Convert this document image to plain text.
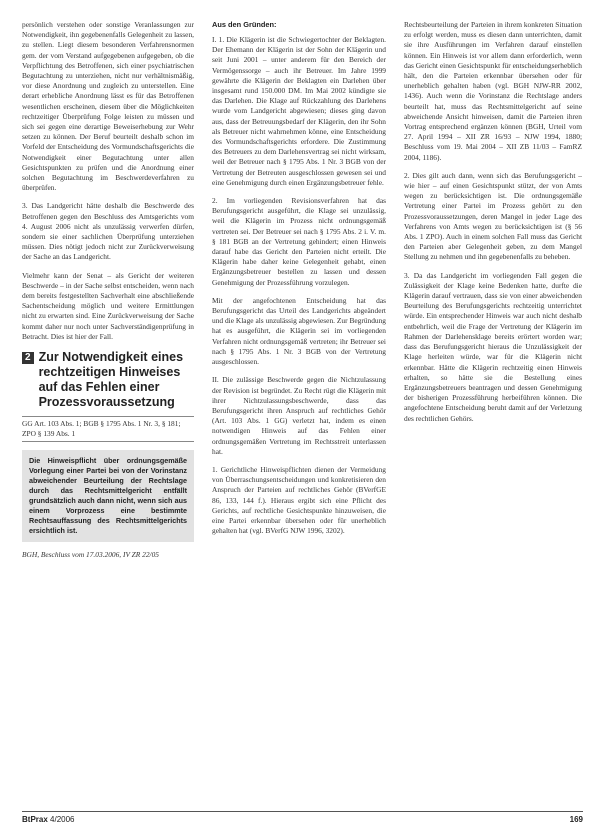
persönlich verstehen oder sonstige Veranlassungen zur Notwendigkeit, ihn gegebenenfalls Gelegenheit zu lassen, zu stellen. Liegt diesem besonderen Verfahrensnormen gem. der vom Verstand aufgegebenen aufgegeben, ob die Verpflichtung des Betroffenen, sich einer psychiatrischen Begutachtung zu unterziehen, nicht nur verhältnismäßig, vor diese Anordnung und zugleich zu unterstellen. Eine derart erhebliche Anordnung lässt es für das Betroffenen wesentlichen erscheinen, diesem über die Möglichkeiten rechtzeitiger Überprüfung Folge leisten zu müssen und sich sei gegen eine derartige Beweiserhebung zur Wehr setzen zu können. Der Beruf beurteilt deshalb schon im Vorfeld der Entscheidung des Vormundschaftsgerichts die Notwendigkeit einer Begutachtung unter allen Gesichtspunkten zu prüfen und die Anordnung einer solchen Begutachtung im Beschwerdeverfahren zu überprüfen.

3. Das Landgericht hätte deshalb die Beschwerde des Betroffenen gegen den Beschluss des Amtsgerichts vom 4. August 2006 nicht als unzulässig verwerfen dürfen, sondern sie einer sachlichen Überprüfung unterziehen müssen. Dies nötigt jedoch nicht zur Zurückverweisung der Sache an das Landgericht.

Vielmehr kann der Senat – als Gericht der weiteren Beschwerde – in der Sache selbst entscheiden, wenn nach dem bereits festgestellten Sachverhalt eine abschließende Sachentscheidung möglich und weitere Ermittlungen nicht zu erwarten sind. Eine Zurückverweisung der Sache kommt daher nur noch unter Sachverständigenprüfung in Betracht. Dies ist hier der Fall.

2 Zur Notwendigkeit eines rechtzeitigen Hinweises auf das Fehlen einer Prozessvoraussetzung
GG Art. 103 Abs. 1; BGB § 1795 Abs. 1 Nr. 3, § 181; ZPO § 139 Abs. 1
Die Hinweispflicht über ordnungsgemäße Vorlegung einer Partei bei von der Vorinstanz abweichender Beurteilung der Rechtslage durch das Rechtsmittelgericht entfällt grundsätzlich auch dann nicht, wenn sich aus einem Vorprozess eine bestimmte Rechtsauffassung des Rechtsmittelgerichts ersichtlich ist.

BGH, Beschluss vom 17.03.2006, IV ZR 22/05

Aus den Gründen:

I. 1. Die Klägerin ist die Schwiegertochter der Beklagten. Der Ehemann der Klägerin ist der Sohn der Klägerin und seit Juni 2001 – unter anderem für den Bereich der Vermögenssorge – auch ihr Betreuer. Im Jahre 1999 gewährte die Klägerin der Beklagten ein Darlehen über insgesamt rund 150.000 DM. Im Mai 2002 kündigte sie das Darlehen. Die Klage auf Rückzahlung des Darlehens wurde vom Landgericht abgewiesen; dieses ging davon aus, dass der Betreuungsbedarf der Klägerin, den ihr Sohn als Betreuer nicht wahrnehmen könne, eine Entscheidung des Vormundschaftsgerichts erfordere. Die Zustimmung des Betreuers zu dem Darlehensvertrag sei nicht wirksam, weil der Betreuer nach § 1795 Abs. 1 Nr. 3 BGB von der Vertretung der Betreuten ausgeschlossen gewesen sei und eine Genehmigung durch einen Ergänzungsbetreuer fehle.

2. Im vorliegenden Revisionsverfahren hat das Berufungsgericht ausgeführt, die Klage sei unzulässig, weil die Klägerin im Prozess nicht ordnungsgemäß vertreten sei. Der Betreuer sei nach § 1795 Abs. 2 i. V. m. § 181 BGB an der Vertretung gehindert; einen Hinweis darauf habe das Gericht den Parteien nicht erteilt. Die Klägerin habe daher keine Gelegenheit gehabt, einen Ergänzungsbetreuer bestellen zu lassen und dessen Genehmigung der Prozessführung vorzulegen.

Mit der angefochtenen Entscheidung hat das Berufungsgericht das Urteil des Landgerichts abgeändert und die Klage als unzulässig abgewiesen. Zur Begründung hat es ausgeführt, die Klägerin sei im vorliegenden Verfahren nicht ordnungsgemäß vertreten; ihr Betreuer sei nach § 1795 Abs. 1 Nr. 3 BGB von der Vertretung ausgeschlossen.

II. Die zulässige Beschwerde gegen die Nichtzulassung der Revision ist begründet. Zu Recht rügt die Klägerin mit ihrer Nichtzulassungsbeschwerde, dass das Berufungsgericht ihren Anspruch auf rechtliches Gehör (Art. 103 Abs. 1 GG) verletzt hat, indem es einen notwendigen Hinweis auf das Fehlen einer ordnungsgemäßen Vertretung im Rechtsstreit unterlassen hat.

1. Gerichtliche Hinweispflichten dienen der Vermeidung von Überraschungsentscheidungen und konkretisieren den Anspruch der Parteien auf rechtliches Gehör (BVerfGE 86, 133, 144 f.). Hieraus ergibt sich eine Pflicht des Gerichts, auf rechtliche Gesichtspunkte hinzuweisen, die eine Partei erkennbar übersehen oder für unerheblich gehalten hat (vgl. BVerfG NJW 1996, 3202).

Rechtsbeurteilung der Parteien in ihrem konkreten Situation zu erfolgt werden, muss es diesen dann unterrichten, damit sie ihre Ausführungen im Verfahren darauf einstellen können. Ein Hinweis ist vor allem dann erforderlich, wenn das Gericht einen Gesichtspunkt für entscheidungserheblich hält, den die Parteien erkennbar übersehen oder für unerheblich gehalten haben (vgl. BGH NJW-RR 2002, 1436). Auch wenn die Vorinstanz die Rechtslage anders beurteilt hat, muss das Rechtsmittelgericht auf seine abweichende Ansicht hinweisen, damit die Parteien ihren Vortrag entsprechend ergänzen können (BGH, Urteil vom 27. April 1994 – XII ZR 16/93 – NJW 1994, 1880; Beschluss vom 19. Mai 2004 – XII ZB 11/03 – FamRZ 2004, 1186).

2. Dies gilt auch dann, wenn sich das Berufungsgericht – wie hier – auf einen Gesichtspunkt stützt, der von Amts wegen zu berücksichtigen ist. Die ordnungsgemäße Vertretung einer Partei im Prozess gehört zu den Prozessvoraussetzungen, deren Mangel in jeder Lage des Verfahrens von Amts wegen zu berücksichtigen ist (§ 56 Abs. 1 ZPO). Auch in einem solchen Fall muss das Gericht den Parteien aber Gelegenheit geben, zu dem Mangel Stellung zu nehmen und ihn gegebenenfalls zu beheben.

3. Da das Landgericht im vorliegenden Fall gegen die Zulässigkeit der Klage keine Bedenken hatte, durfte die Klägerin darauf vertrauen, dass sie von einer abweichenden Beurteilung des Berufungsgerichts rechtzeitig unterrichtet würde. Ein entsprechender Hinweis war auch nicht deshalb entbehrlich, weil die Frage der Vertretung der Klägerin im Rahmen der Darlehensklage bereits erörtert worden war; dass das Berufungsgericht hieraus die Unzulässigkeit der Klage herleiten würde, war für die Klägerin nicht erkennbar. Hätte die Klägerin rechtzeitig einen Hinweis erhalten, so hätte sie die Bestellung eines Ergänzungsbetreuers beantragen und dessen Genehmigung der bisherigen Prozessführung herbeiführen können. Die angefochtene Entscheidung beruht damit auf der Verletzung des rechtlichen Gehörs.

BtPrax 4/2006	169
